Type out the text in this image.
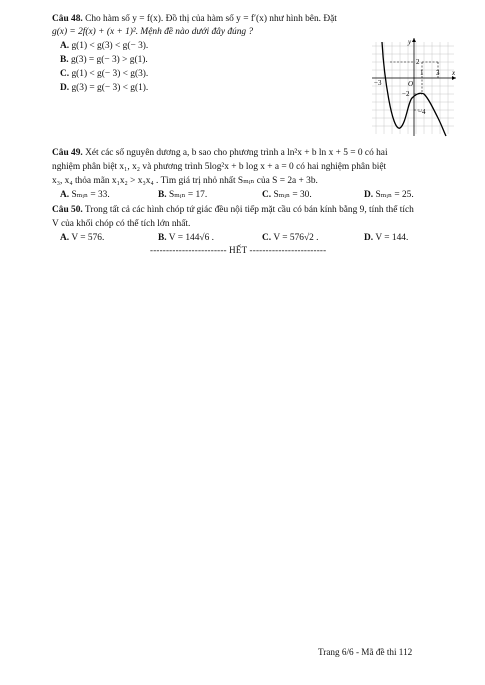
Câu 48. Cho hàm số y = f(x). Đồ thị của hàm số y = f′(x) như hình bên. Đặt
g(x) = 2f(x) + (x + 1)². Mệnh đề nào dưới đây đúng ?
A. g(1) < g(3) < g(− 3).
B. g(3) = g(− 3) > g(1).
C. g(1) < g(− 3) < g(3).
D. g(3) = g(− 3) < g(1).
y
x
O
2
1 3
−3
−2
−4
Câu 49. Xét các số nguyên dương a, b sao cho phương trình a ln²x + b ln x + 5 = 0 có hai
nghiệm phân biệt x₁, x₂ và phương trình 5log²x + b log x + a = 0 có hai nghiệm phân biệt
x₃, x₄ thỏa mãn x₁x₂ > x₃x₄ . Tìm giá trị nhỏ nhất Sₘᵢₙ của S = 2a + 3b.
A. Sₘᵢₙ = 33.	B. Sₘᵢₙ = 17.	C. Sₘᵢₙ = 30.	D. Sₘᵢₙ = 25.
Câu 50. Trong tất cả các hình chóp tứ giác đều nội tiếp mặt cầu có bán kính bằng 9, tính thể tích
V của khối chóp có thể tích lớn nhất.
A. V = 576.	B. V = 144√6 .	C. V = 576√2 .	D. V = 144.
------------------------ HẾT ------------------------
Trang 6/6 - Mã đề thi 112
